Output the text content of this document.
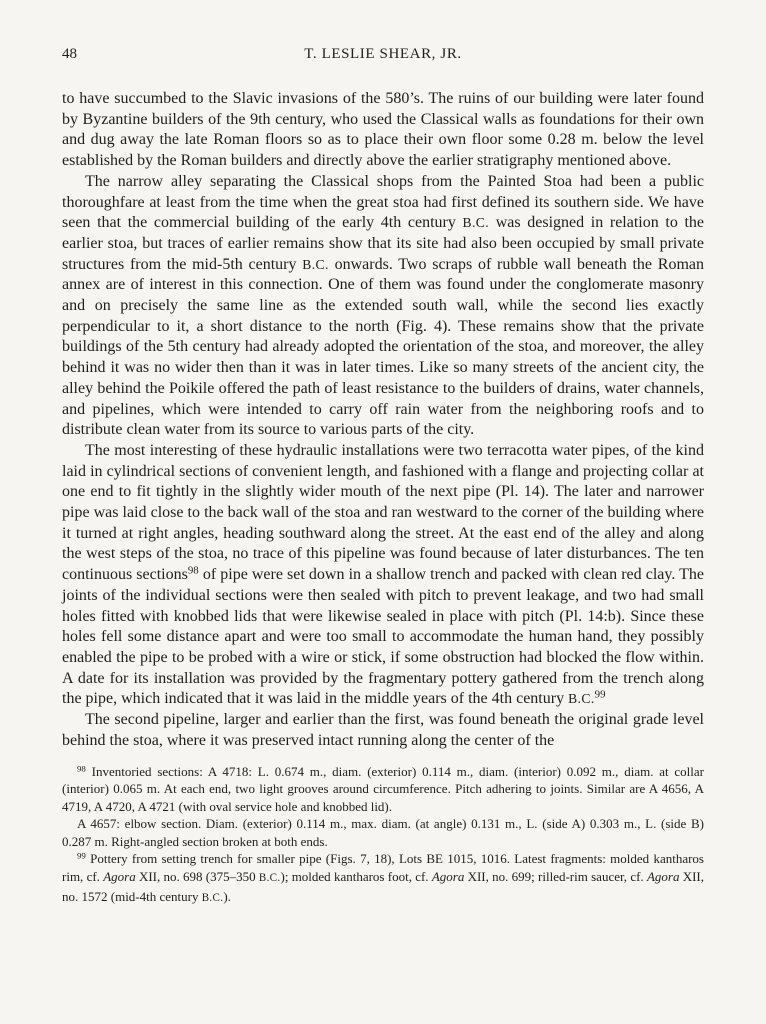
48	T. LESLIE SHEAR, JR.

to have succumbed to the Slavic invasions of the 580’s. The ruins of our building were later found by Byzantine builders of the 9th century, who used the Classical walls as foundations for their own and dug away the late Roman floors so as to place their own floor some 0.28 m. below the level established by the Roman builders and directly above the earlier stratigraphy mentioned above.

The narrow alley separating the Classical shops from the Painted Stoa had been a public thoroughfare at least from the time when the great stoa had first defined its southern side. We have seen that the commercial building of the early 4th century B.C. was designed in relation to the earlier stoa, but traces of earlier remains show that its site had also been occupied by small private structures from the mid-5th century B.C. onwards. Two scraps of rubble wall beneath the Roman annex are of interest in this connection. One of them was found under the conglomerate masonry and on precisely the same line as the extended south wall, while the second lies exactly perpendicular to it, a short distance to the north (Fig. 4). These remains show that the private buildings of the 5th century had already adopted the orientation of the stoa, and moreover, the alley behind it was no wider then than it was in later times. Like so many streets of the ancient city, the alley behind the Poikile offered the path of least resistance to the builders of drains, water channels, and pipelines, which were intended to carry off rain water from the neighboring roofs and to distribute clean water from its source to various parts of the city.

The most interesting of these hydraulic installations were two terracotta water pipes, of the kind laid in cylindrical sections of convenient length, and fashioned with a flange and projecting collar at one end to fit tightly in the slightly wider mouth of the next pipe (Pl. 14). The later and narrower pipe was laid close to the back wall of the stoa and ran westward to the corner of the building where it turned at right angles, heading southward along the street. At the east end of the alley and along the west steps of the stoa, no trace of this pipeline was found because of later disturbances. The ten continuous sections$^{98}$ of pipe were set down in a shallow trench and packed with clean red clay. The joints of the individual sections were then sealed with pitch to prevent leakage, and two had small holes fitted with knobbed lids that were likewise sealed in place with pitch (Pl. 14:b). Since these holes fell some distance apart and were too small to accommodate the human hand, they possibly enabled the pipe to be probed with a wire or stick, if some obstruction had blocked the flow within. A date for its installation was provided by the fragmentary pottery gathered from the trench along the pipe, which indicated that it was laid in the middle years of the 4th century B.C.$^{99}$

The second pipeline, larger and earlier than the first, was found beneath the original grade level behind the stoa, where it was preserved intact running along the center of the

$^{98}$ Inventoried sections: A 4718: L. 0.674 m., diam. (exterior) 0.114 m., diam. (interior) 0.092 m., diam. at collar (interior) 0.065 m. At each end, two light grooves around circumference. Pitch adhering to joints. Similar are A 4656, A 4719, A 4720, A 4721 (with oval service hole and knobbed lid).

A 4657: elbow section. Diam. (exterior) 0.114 m., max. diam. (at angle) 0.131 m., L. (side A) 0.303 m., L. (side B) 0.287 m. Right-angled section broken at both ends.

$^{99}$ Pottery from setting trench for smaller pipe (Figs. 7, 18), Lots BE 1015, 1016. Latest fragments: molded kantharos rim, cf. Agora XII, no. 698 (375–350 B.C.); molded kantharos foot, cf. Agora XII, no. 699; rilled-rim saucer, cf. Agora XII, no. 1572 (mid-4th century B.C.).
